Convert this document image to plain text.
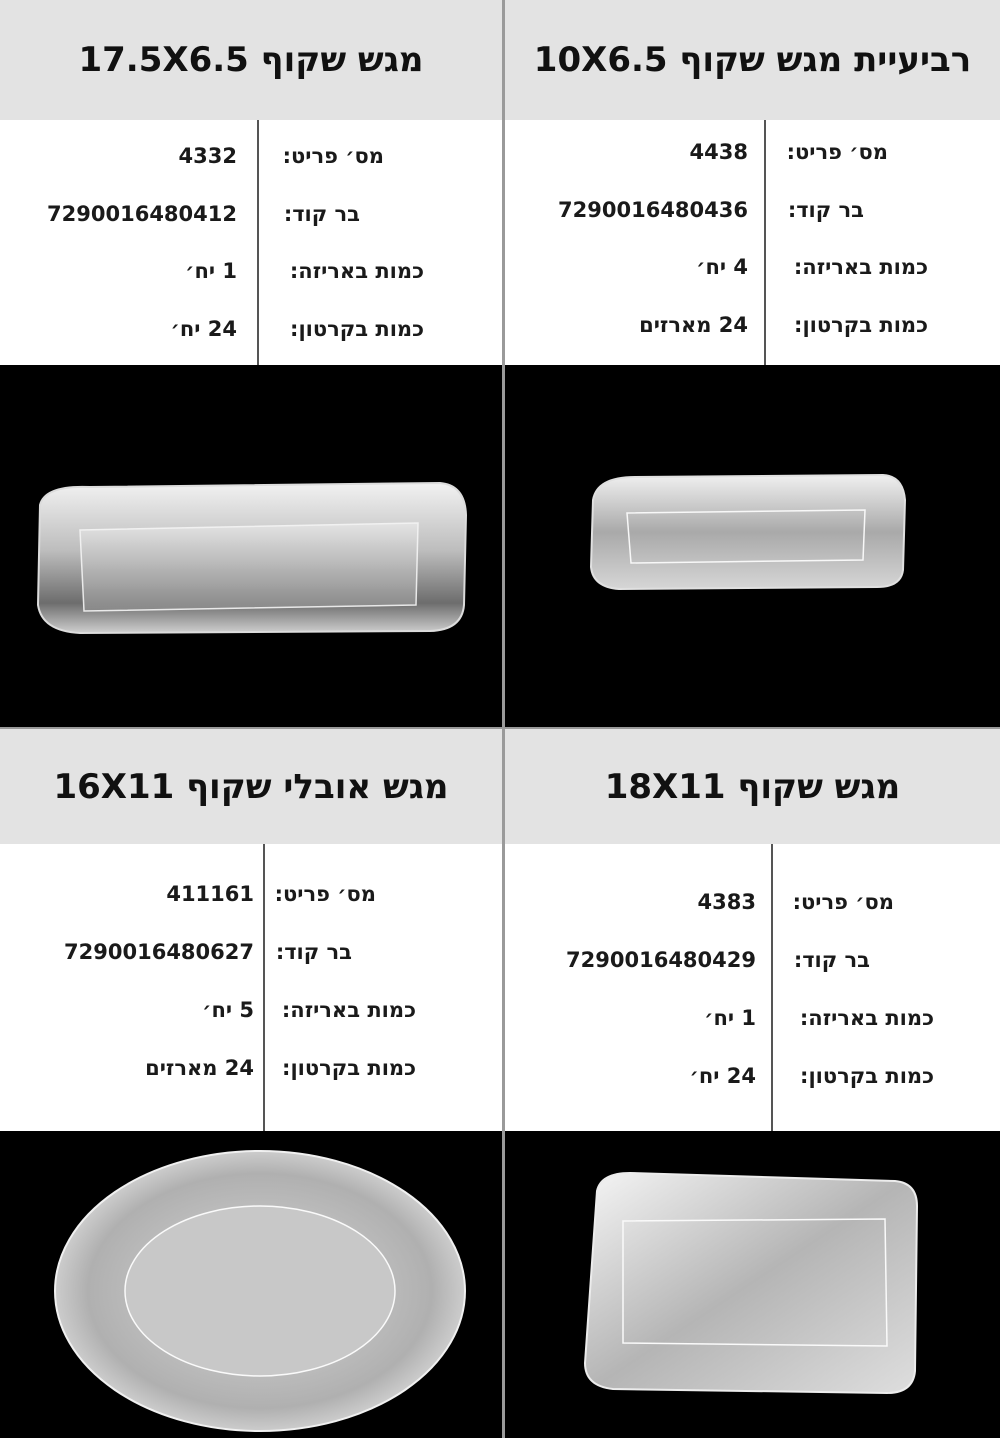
מגש שקוף 17.5X6.5
מס׳ פריט:
4332
בר קוד:
7290016480412
כמות באריזה:
1 יח׳
כמות בקרטון:
24 יח׳
רביעיית מגש שקוף 10X6.5
מס׳ פריט:
4438
בר קוד:
7290016480436
כמות באריזה:
4 יח׳
כמות בקרטון:
24 מארזים
מגש אובלי שקוף 16X11
מס׳ פריט:
411161
בר קוד:
7290016480627
כמות באריזה:
5 יח׳
כמות בקרטון:
24 מארזים
מגש שקוף 18X11
מס׳ פריט:
4383
בר קוד:
7290016480429
כמות באריזה:
1 יח׳
כמות בקרטון:
24 יח׳
